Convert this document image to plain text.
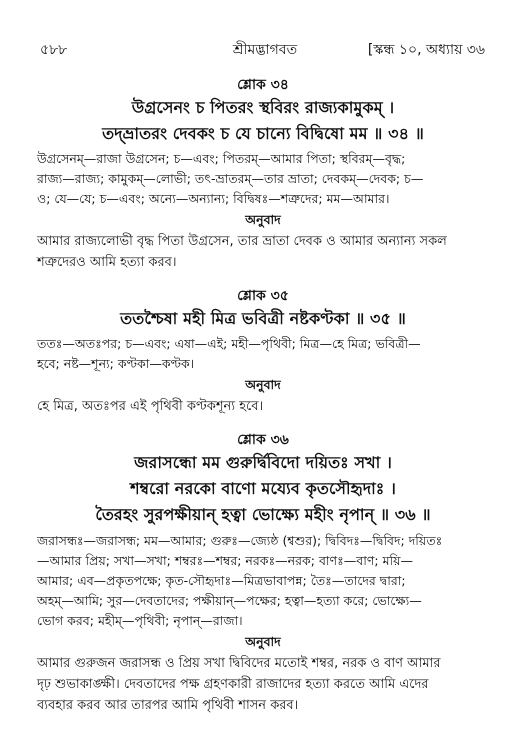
৫৮৮	শ্রীমদ্ভাগবত	[স্কন্ধ ১০, অধ্যায় ৩৬
শ্লোক ৩৪
উগ্রসেনং চ পিতরং স্থবিরং রাজ্যকামুকম্ ।
তদ্‌ভ্রাতরং দেবকং চ যে চান্যে বিদ্বিষো মম ॥ ৩৪ ॥
উগ্রসেনম্—রাজা উগ্রসেন; চ—এবং; পিতরম্—আমার পিতা; স্থবিরম্—বৃদ্ধ;
রাজ্য—রাজ্য; কামুকম্—লোভী; তৎ-ভ্রাতরম্—তার ভ্রাতা; দেবকম্—দেবক; চ—
ও; যে—যে; চ—এবং; অন্যে—অন্যান্য; বিদ্বিষঃ—শত্রুদের; মম—আমার।
অনুবাদ
আমার রাজ্যলোভী বৃদ্ধ পিতা উগ্রসেন, তার ভ্রাতা দেবক ও আমার অন্যান্য সকল
শত্রুদেরও আমি হত্যা করব।
শ্লোক ৩৫
ততশ্চৈষা মহী মিত্র ভবিত্রী নষ্টকণ্টকা ॥ ৩৫ ॥
ততঃ—অতঃপর; চ—এবং; এষা—এই; মহী—পৃথিবী; মিত্র—হে মিত্র; ভবিত্রী—
হবে; নষ্ট—শূন্য; কণ্টকা—কণ্টক।
অনুবাদ
হে মিত্র, অতঃপর এই পৃথিবী কণ্টকশূন্য হবে।
শ্লোক ৩৬
জরাসন্ধো মম গুরুর্দ্বিবিদো দয়িতঃ সখা ।
শম্বরো নরকো বাণো ময্যেব কৃতসৌহৃদাঃ ।
তৈরহং সুরপক্ষীয়ান্ হত্বা ভোক্ষ্যে মহীং নৃপান্ ॥ ৩৬ ॥
জরাসন্ধঃ—জরাসন্ধ; মম—আমার; গুরুঃ—জ্যেষ্ঠ (শ্বশুর); দ্বিবিদঃ—দ্বিবিদ; দয়িতঃ
—আমার প্রিয়; সখা—সখা; শম্বরঃ—শম্বর; নরকঃ—নরক; বাণঃ—বাণ; ময়ি—
আমার; এব—প্রকৃতপক্ষে; কৃত-সৌহৃদাঃ—মিত্রভাবাপন্ন; তৈঃ—তাদের দ্বারা;
অহম্—আমি; সুর—দেবতাদের; পক্ষীয়ান্—পক্ষের; হত্বা—হত্যা করে; ভোক্ষ্যে—
ভোগ করব; মহীম্—পৃথিবী; নৃপান্—রাজা।
অনুবাদ
আমার গুরুজন জরাসন্ধ ও প্রিয় সখা দ্বিবিদের মতোই শম্বর, নরক ও বাণ আমার
দৃঢ় শুভাকাঙ্ক্ষী। দেবতাদের পক্ষ গ্রহণকারী রাজাদের হত্যা করতে আমি এদের
ব্যবহার করব আর তারপর আমি পৃথিবী শাসন করব।
